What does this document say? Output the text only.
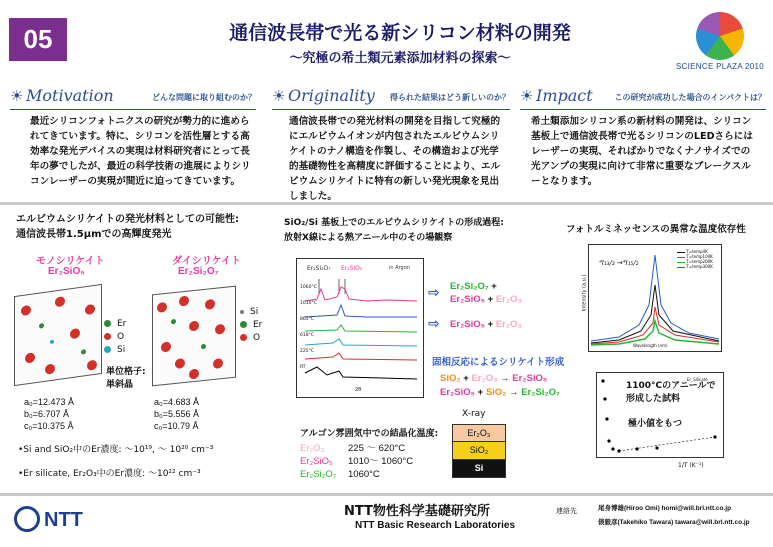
05	通信波長帯で光る新シリコン材料の開発
〜究極の希土類元素添加材料の探索〜
SCIENCE PLAZA 2010
☀ Motivation	どんな問題に取り組むのか？ ☀ Originality 得られた結果はどう新しいのか？ ☀ Impact	この研究が成功した場合のインパクトは？
最近シリコンフォトニクスの研究が勢力的に進められてきています。特に、シリコンを活性層とする高効率な発光デバイスの実現は材料研究者にとって長年の夢でしたが、最近の科学技術の進展によりシリコンレーザーの実現が間近に迫ってきています。
通信波長帯での発光材料の開発を目指して究極的にエルビウムイオンが内包されたエルビウムシリケイトのナノ構造を作製し、その構造および光学的基礎物性を高精度に評価することにより、エルビウムシリケイトに特有の新しい発光現象を見出しました。
希土類添加シリコン系の新材料の開発は、シリコン基板上で通信波長帯で光るシリコンのLEDさらにはレーザーの実現、そればかりでなくナノサイズでの光アンプの実現に向けて非常に重要なブレークスルーとなります。
エルビウムシリケイトの発光材料としての可能性:
通信波長帯1.5μmでの高輝度発光
モノシリケイト
Er₂SiO₅
ダイシリケイト
Er₂Si₂O₇
Er
O
Si
Si
Er
O
単位格子:
単斜晶
a₀=12.473 Å
b₀=6.707 Å
c₀=10.375 Å
a₀=4.683 Å
b₀=5.556 Å
c₀=10.79 Å
•Si and SiO₂中のEr濃度: 〜10¹⁹, 〜 10²⁰ cm⁻³
•Er silicate, Er₂O₃中のEr濃度: 〜10²² cm⁻³
SiO₂/Si 基板上でのエルビウムシリケイトの形成過程:
放射X線による熱アニール中のその場観察
Er₂Si₂O₇ Er₂SiO₅	in Argon
1060°C
1010°C
865°C
618°C
225°C
RT
2θ
⇨ Er₂Si₂O₇ +
Er₂SiO₅ + Er₂O₃
⇨ Er₂SiO₅ + Er₂O₃
固相反応によるシリケイト形成
SiO₂ + Er₂O₃ → Er₂SiO₅
Er₂SiO₅ + SiO₂ → Er₂Si₂O₇
アルゴン雰囲気中での結晶化温度:
Er₂O₃ 225 〜 620°C
Er₂SiO₅ 1010〜 1060°C
Er₂Si₂O₇ 1060°C
X-ray
Er₂O₃
SiO₂
Si
フォトルミネッセンスの異常な温度依存性
⁴I₁₃/₂ →⁴I₁₅/₂
T=temp4K
T=temp100K
T=temp200K
T=temp300K
Wavelength (nm)
Intensity (a.u.)
Er_Silicate
1100°Cのアニールで
形成した試料
極小値をもつ
1/T (K⁻¹)
NTT	NTT物性科学基礎研究所
NTT Basic Research Laboratories
連絡先	尾身博雄(Hiroo Omi) homi@will.brl.ntt.co.jp
俵毅彦(Takehiko Tawara) tawara@will.brl.ntt.co.jp
